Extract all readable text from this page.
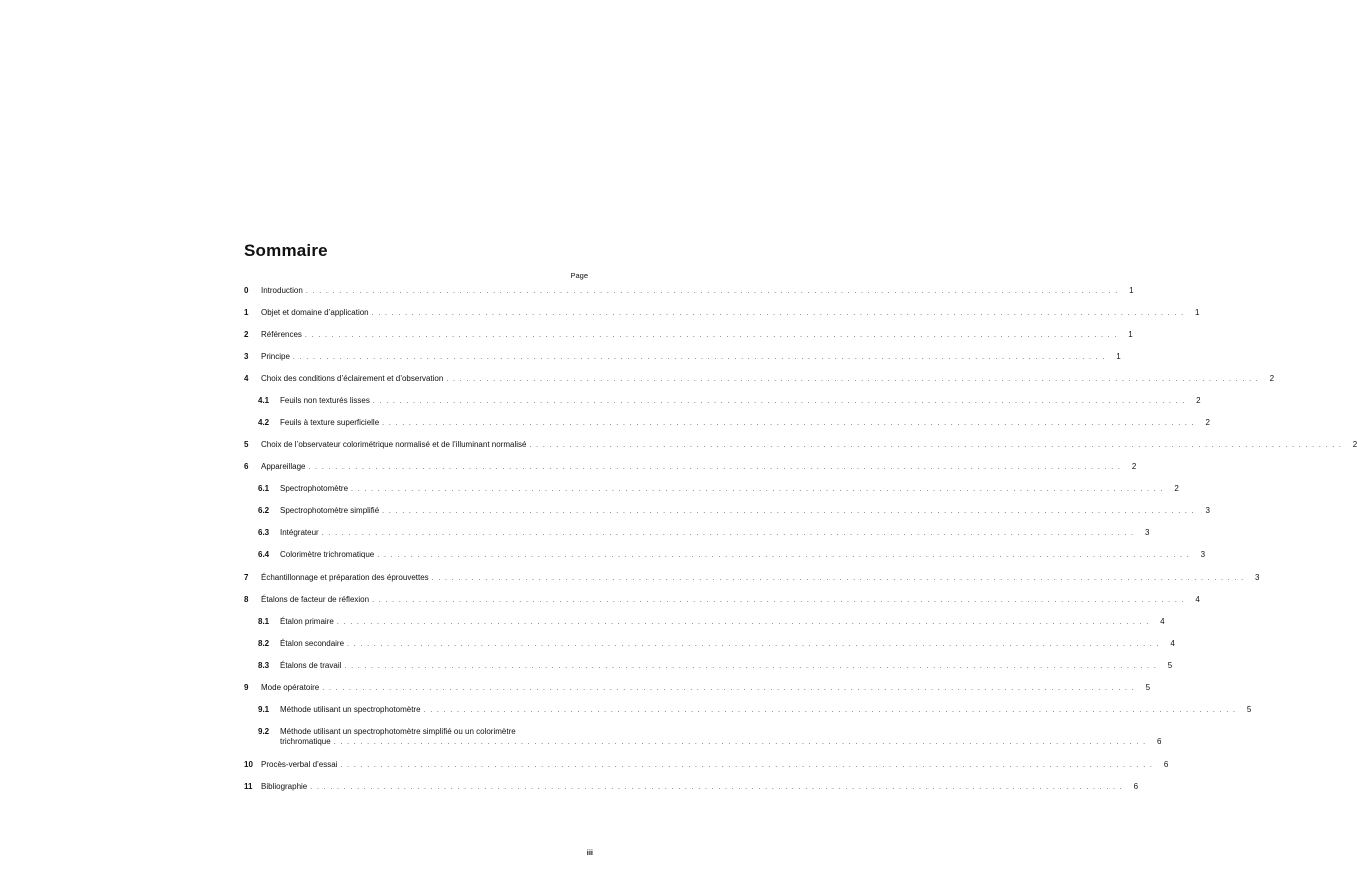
Sommaire
Page
0	Introduction . . .	1
1	Objet et domaine d’application . . .	1
2	Références . . .	1
3	Principe . . .	1
4	Choix des conditions d’éclairement et d’observation . . .	2
4.1	Feuils non texturés lisses . . .	2
4.2	Feuils à texture superficielle . . .	2
5	Choix de l’observateur colorimétrique normalisé et de l’illuminant normalisé . . .	2
6	Appareillage . . .	2
6.1	Spectrophotomètre . . .	2
6.2	Spectrophotomètre simplifié . . .	3
6.3	Intégrateur . . .	3
6.4	Colorimètre trichromatique . . .	3
7	Échantillonnage et préparation des éprouvettes . . .	3
8	Étalons de facteur de réflexion . . .	4
8.1	Étalon primaire . . .	4
8.2	Étalon secondaire . . .	4
8.3	Étalons de travail . . .	5
9	Mode opératoire . . .	5
9.1	Méthode utilisant un spectrophotomètre . . .	5
9.2	Méthode utilisant un spectrophotomètre simplifié ou un colorimètre
trichromatique . . .	6
10	Procès-verbal d’essai . . .	6
11	Bibliographie . . .	6
iii
